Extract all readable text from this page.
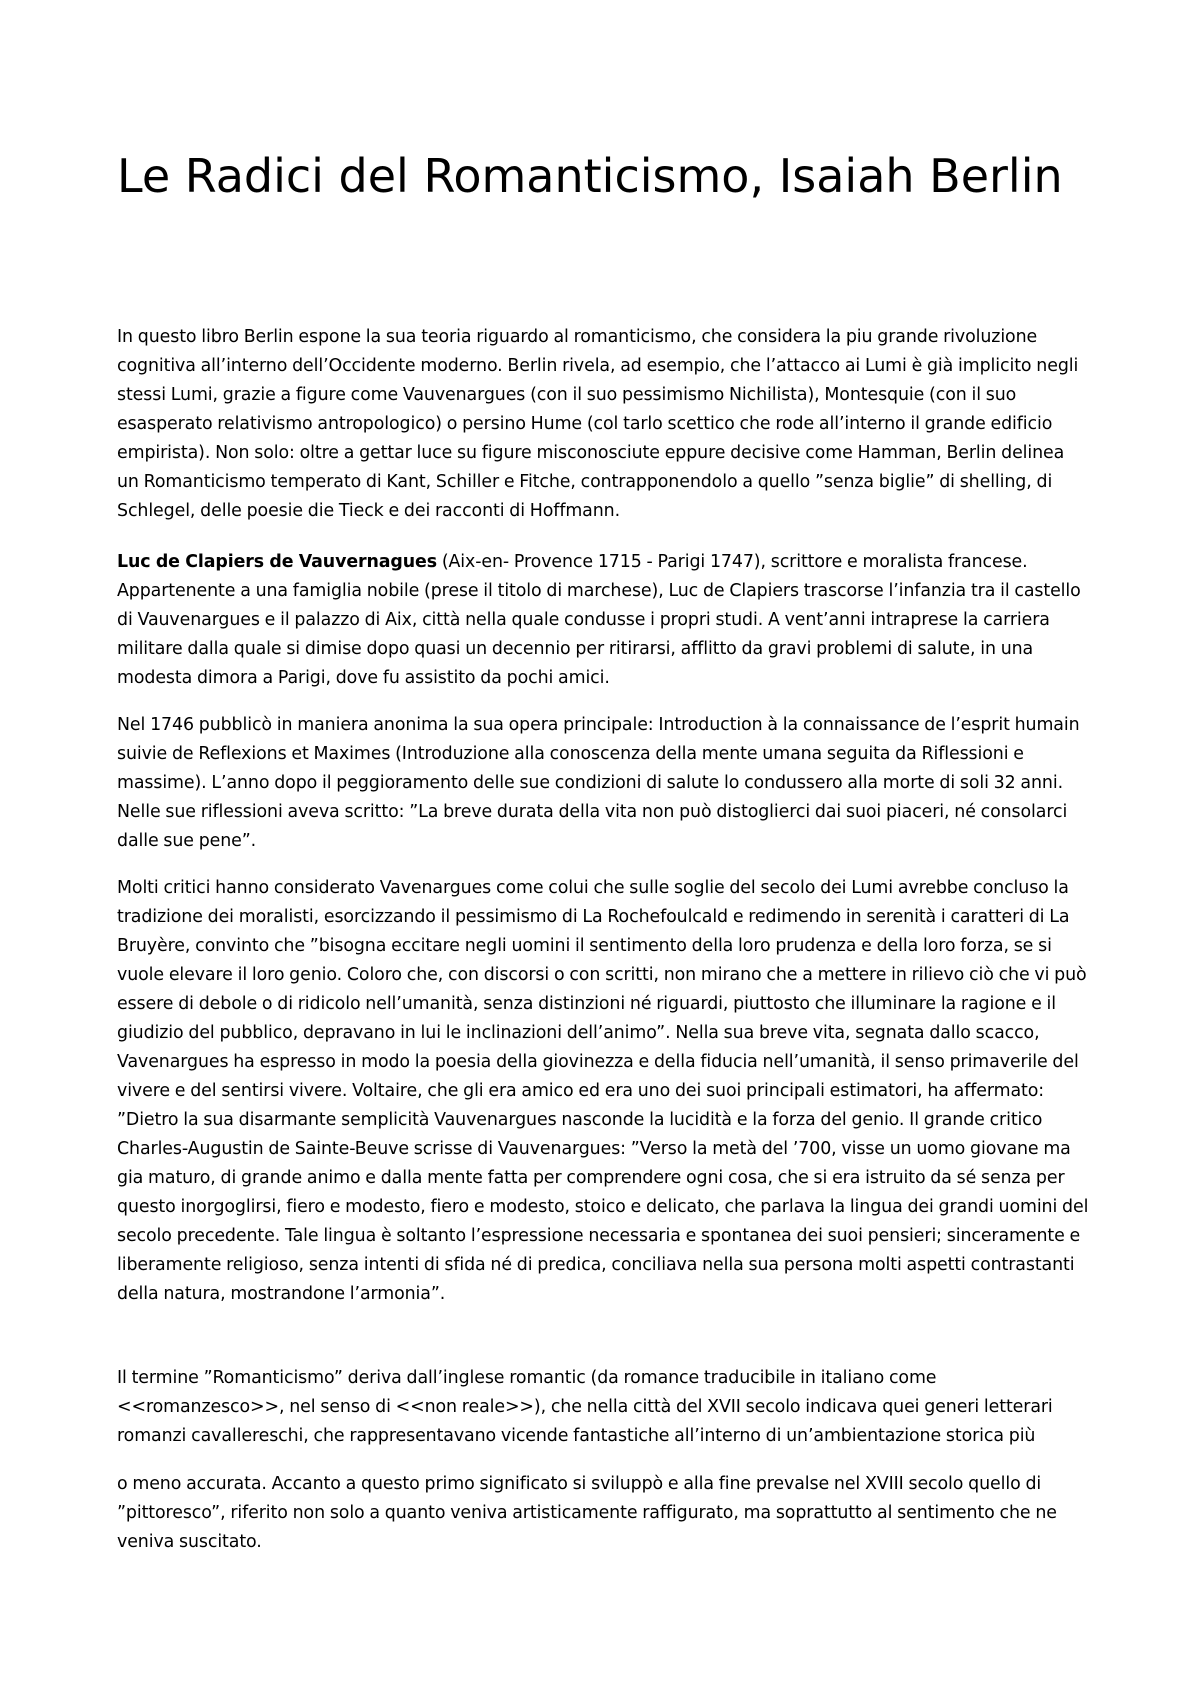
Le Radici del Romanticismo, Isaiah Berlin

In questo libro Berlin espone la sua teoria riguardo al romanticismo, che considera la piu grande rivoluzione cognitiva all’interno dell’Occidente moderno. Berlin rivela, ad esempio, che l’attacco ai Lumi è già implicito negli stessi Lumi, grazie a figure come Vauvenargues (con il suo pessimismo Nichilista), Montesquie (con il suo esasperato relativismo antropologico) o persino Hume (col tarlo scettico che rode all’interno il grande edificio empirista). Non solo: oltre a gettar luce su figure misconosciute eppure decisive come Hamman, Berlin delinea un Romanticismo temperato di Kant, Schiller e Fitche, contrapponendolo a quello ”senza biglie” di shelling, di Schlegel, delle poesie die Tieck e dei racconti di Hoffmann.

Luc de Clapiers de Vauvernagues (Aix-en- Provence 1715 - Parigi 1747), scrittore e moralista francese. Appartenente a una famiglia nobile (prese il titolo di marchese), Luc de Clapiers trascorse l’infanzia tra il castello di Vauvenargues e il palazzo di Aix, città nella quale condusse i propri studi. A vent’anni intraprese la carriera militare dalla quale si dimise dopo quasi un decennio per ritirarsi, afflitto da gravi problemi di salute, in una modesta dimora a Parigi, dove fu assistito da pochi amici.

Nel 1746 pubblicò in maniera anonima la sua opera principale: Introduction à la connaissance de l’esprit humain suivie de Reflexions et Maximes (Introduzione alla conoscenza della mente umana seguita da Riflessioni e massime). L’anno dopo il peggioramento delle sue condizioni di salute lo condussero alla morte di soli 32 anni. Nelle sue riflessioni aveva scritto: ”La breve durata della vita non può distoglierci dai suoi piaceri, né consolarci dalle sue pene”.

Molti critici hanno considerato Vavenargues come colui che sulle soglie del secolo dei Lumi avrebbe concluso la tradizione dei moralisti, esorcizzando il pessimismo di La Rochefoulcald e redimendo in serenità i caratteri di La Bruyère, convinto che ”bisogna eccitare negli uomini il sentimento della loro prudenza e della loro forza, se si vuole elevare il loro genio. Coloro che, con discorsi o con scritti, non mirano che a mettere in rilievo ciò che vi può essere di debole o di ridicolo nell’umanità, senza distinzioni né riguardi, piuttosto che illuminare la ragione e il giudizio del pubblico, depravano in lui le inclinazioni dell’animo”. Nella sua breve vita, segnata dallo scacco, Vavenargues ha espresso in modo la poesia della giovinezza e della fiducia nell’umanità, il senso primaverile del vivere e del sentirsi vivere. Voltaire, che gli era amico ed era uno dei suoi principali estimatori, ha affermato: ”Dietro la sua disarmante semplicità Vauvenargues nasconde la lucidità e la forza del genio. Il grande critico Charles-Augustin de Sainte-Beuve scrisse di Vauvenargues: ”Verso la metà del ’700, visse un uomo giovane ma gia maturo, di grande animo e dalla mente fatta per comprendere ogni cosa, che si era istruito da sé senza per questo inorgoglirsi, fiero e modesto, fiero e modesto, stoico e delicato, che parlava la lingua dei grandi uomini del secolo precedente. Tale lingua è soltanto l’espressione necessaria e spontanea dei suoi pensieri; sinceramente e liberamente religioso, senza intenti di sfida né di predica, conciliava nella sua persona molti aspetti contrastanti della natura, mostrandone l’armonia”.

Il termine ”Romanticismo” deriva dall’inglese romantic (da romance traducibile in italiano come <<romanzesco>>, nel senso di <<non reale>>), che nella città del XVII secolo indicava quei generi letterari romanzi cavallereschi, che rappresentavano vicende fantastiche all’interno di un’ambientazione storica più

o meno accurata. Accanto a questo primo significato si sviluppò e alla fine prevalse nel XVIII secolo quello di ”pittoresco”, riferito non solo a quanto veniva artisticamente raffigurato, ma soprattutto al sentimento che ne veniva suscitato.
